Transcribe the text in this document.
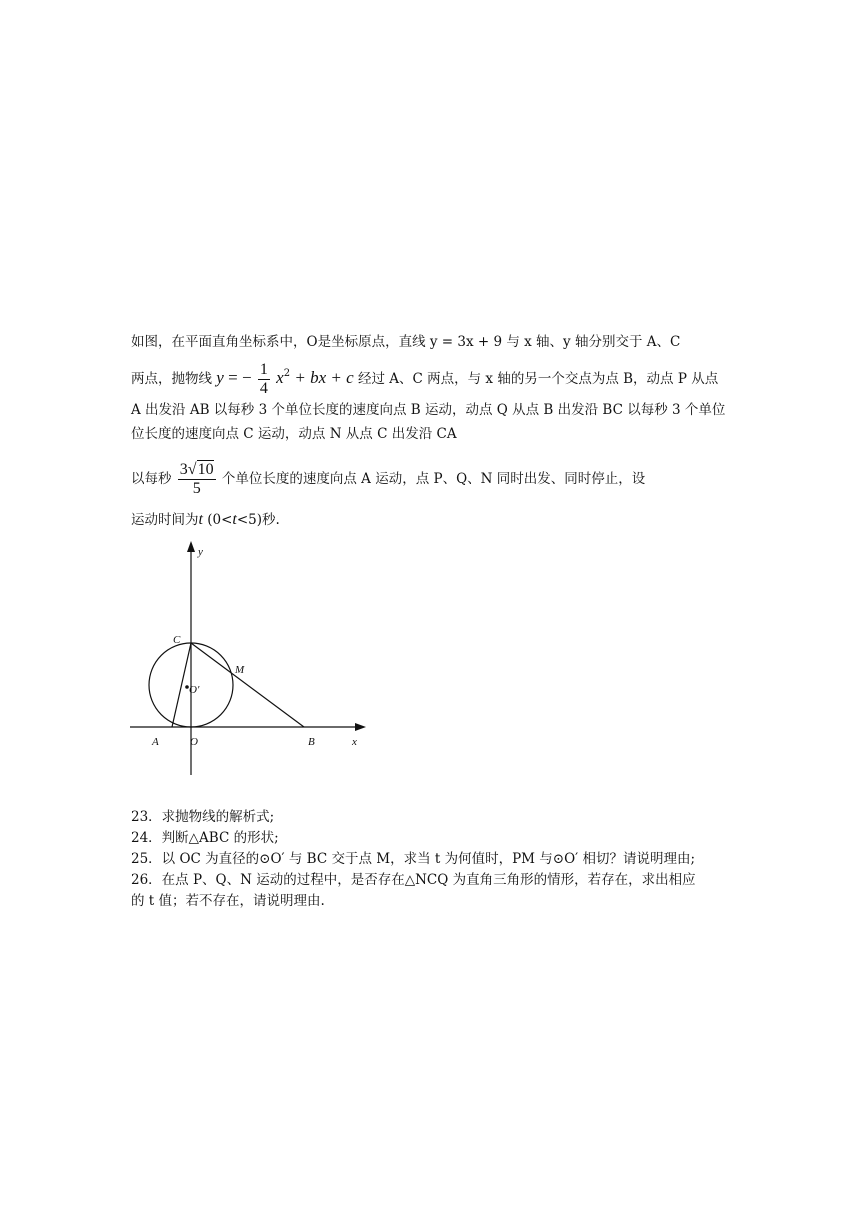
如图，在平面直角坐标系中，O是坐标原点，直线 y = 3x + 9 与 x 轴、y 轴分别交于 A、C
两点，抛物线 y = − $\frac{1}{4} x^2$ + bx + c 经过 A、C 两点，与 x 轴的另一个交点为点 B，动点 P 从点
A 出发沿 AB 以每秒 3 个单位长度的速度向点 B 运动，动点 Q 从点 B 出发沿 BC 以每秒 3 个单位
位长度的速度向点 C 运动，动点 N 从点 C 出发沿 CA
以每秒 $\frac{3√10}{5}$ 个单位长度的速度向点 A 运动，点 P、Q、N 同时出发、同时停止，设
运动时间为t (0<t<5)秒.
y
x
C
M
O′
A	O	B
23．求抛物线的解析式;
24．判断△ABC 的形状;
25．以 OC 为直径的⊙O′ 与 BC 交于点 M，求当 t 为何值时，PM 与⊙O′ 相切？请说明理由;
26．在点 P、Q、N 运动的过程中，是否存在△NCQ 为直角三角形的情形，若存在，求出相应
的 t 值；若不存在，请说明理由.
